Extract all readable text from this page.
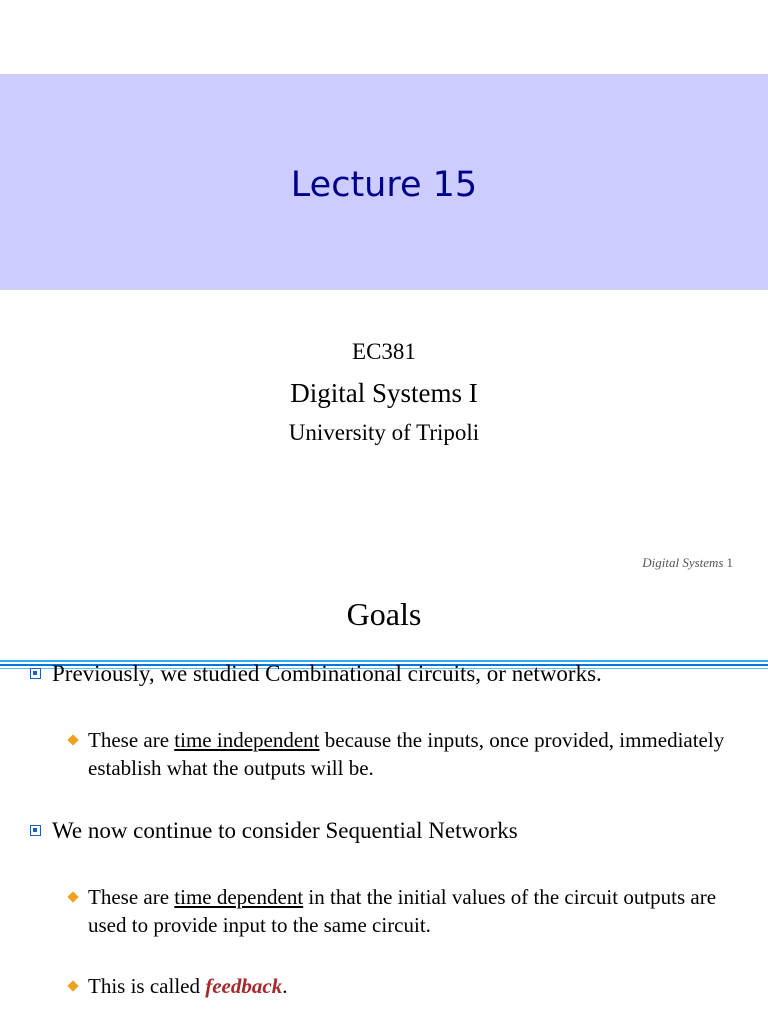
Lecture 15
EC381
Digital Systems I
University of Tripoli
Digital Systems 1
Goals
Previously, we studied Combinational circuits, or networks.
These are time independent because the inputs, once provided, immediately establish what the outputs will be.
We now continue to consider Sequential Networks
These are time dependent in that the initial values of the circuit outputs are used to provide input to the same circuit.
This is called feedback.
